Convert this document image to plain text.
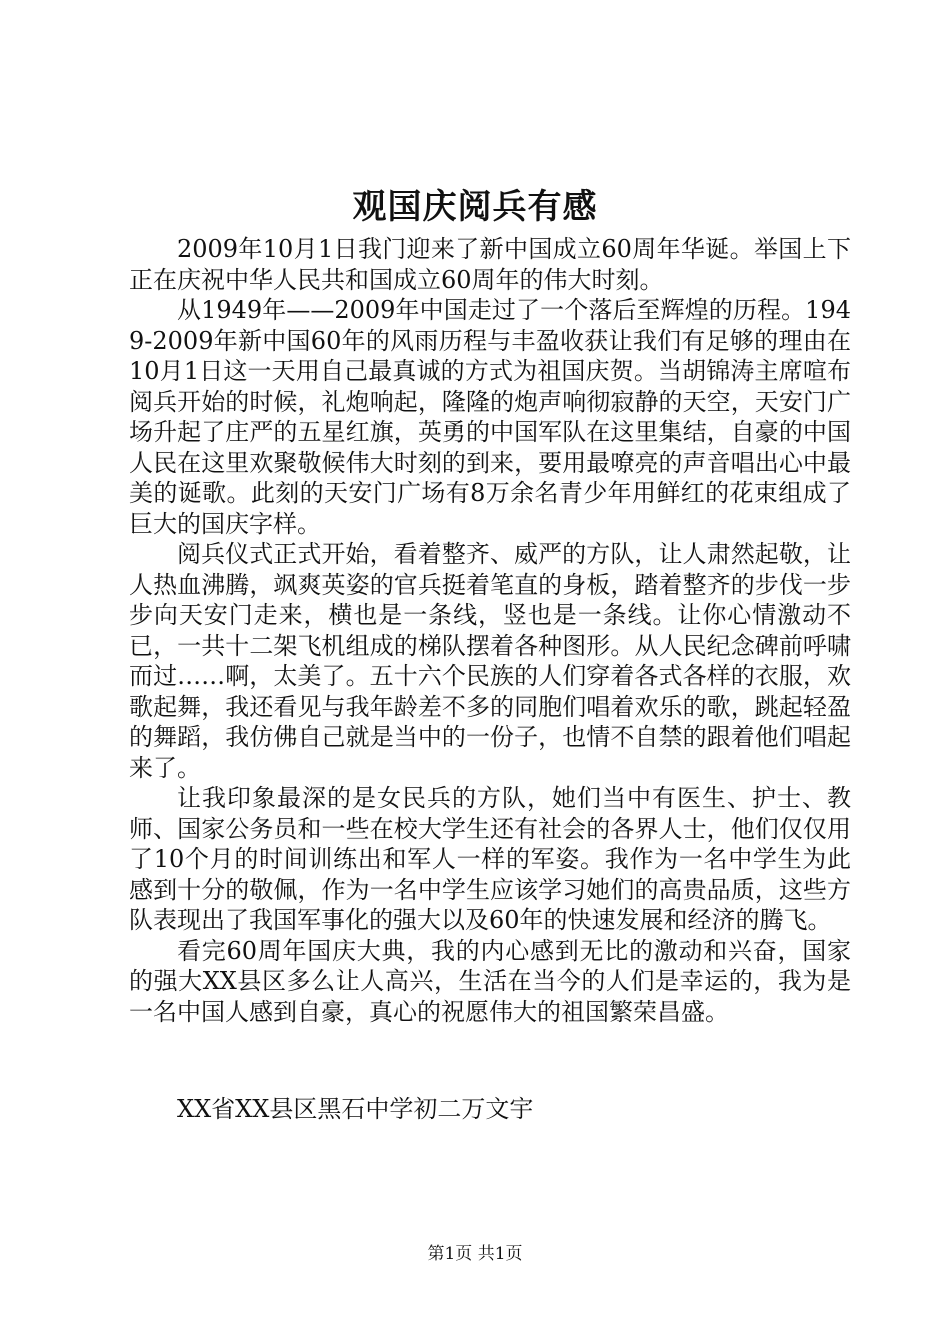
观国庆阅兵有感

2009年10月1日我门迎来了新中国成立60周年华诞。举国上下正在庆祝中华人民共和国成立60周年的伟大时刻。

从1949年——2009年中国走过了一个落后至辉煌的历程。1949-2009年新中国60年的风雨历程与丰盈收获让我们有足够的理由在10月1日这一天用自己最真诚的方式为祖国庆贺。当胡锦涛主席喧布阅兵开始的时候，礼炮响起，隆隆的炮声响彻寂静的天空，天安门广场升起了庄严的五星红旗，英勇的中国军队在这里集结，自豪的中国人民在这里欢聚敬候伟大时刻的到来，要用最嘹亮的声音唱出心中最美的诞歌。此刻的天安门广场有8万余名青少年用鲜红的花束组成了巨大的国庆字样。

阅兵仪式正式开始，看着整齐、威严的方队，让人肃然起敬，让人热血沸腾，飒爽英姿的官兵挺着笔直的身板，踏着整齐的步伐一步步向天安门走来，横也是一条线，竖也是一条线。让你心情激动不已，一共十二架飞机组成的梯队摆着各种图形。从人民纪念碑前呼啸而过……啊，太美了。五十六个民族的人们穿着各式各样的衣服，欢歌起舞，我还看见与我年龄差不多的同胞们唱着欢乐的歌，跳起轻盈的舞蹈，我仿佛自己就是当中的一份子，也情不自禁的跟着他们唱起来了。

让我印象最深的是女民兵的方队，她们当中有医生、护士、教师、国家公务员和一些在校大学生还有社会的各界人士，他们仅仅用了10个月的时间训练出和军人一样的军姿。我作为一名中学生为此感到十分的敬佩，作为一名中学生应该学习她们的高贵品质，这些方队表现出了我国军事化的强大以及60年的快速发展和经济的腾飞。

看完60周年国庆大典，我的内心感到无比的激动和兴奋，国家的强大XX县区多么让人高兴，生活在当今的人们是幸运的，我为是一名中国人感到自豪，真心的祝愿伟大的祖国繁荣昌盛。

XX省XX县区黑石中学初二万文宇
第1页 共1页
